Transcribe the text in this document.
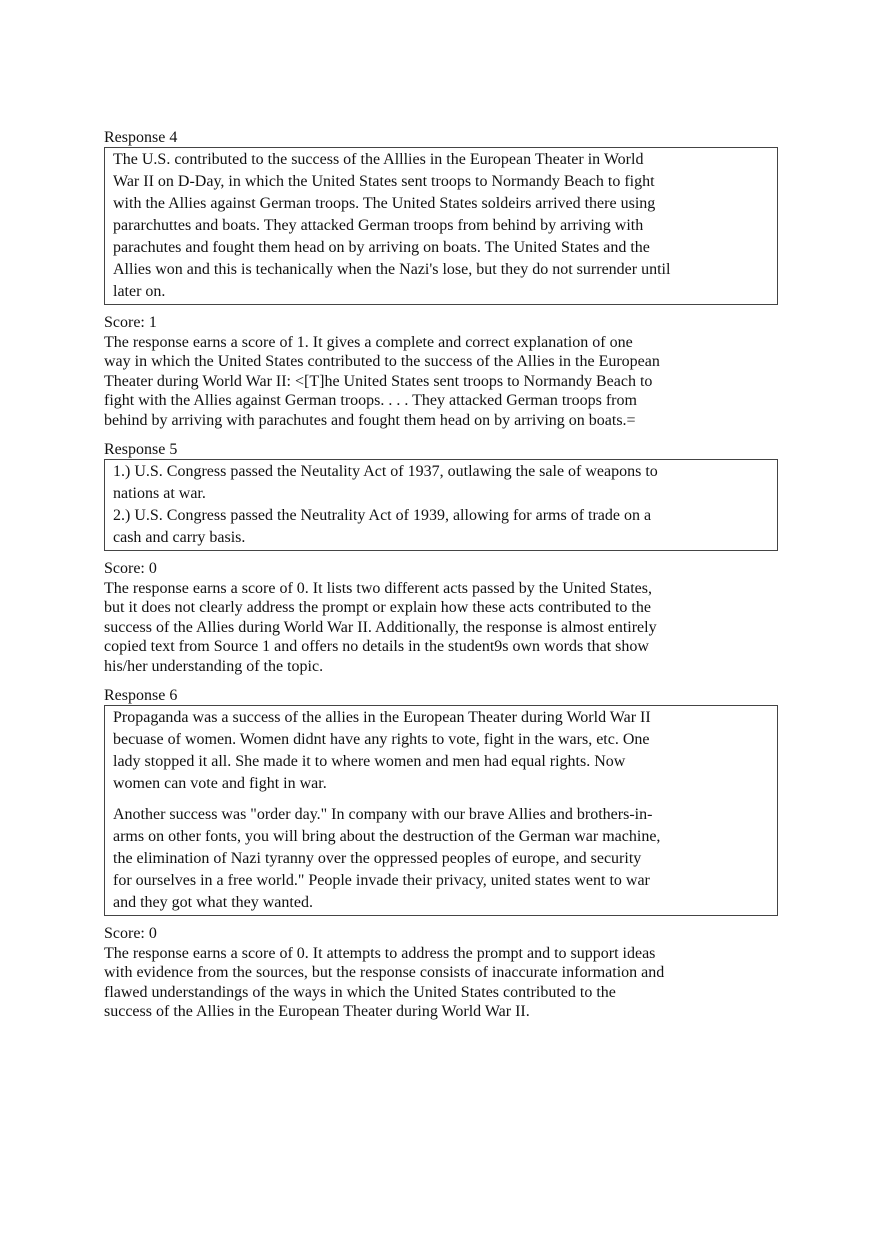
Response 4

The U.S. contributed to the success of the Alllies in the European Theater in World
War II on D-Day, in which the United States sent troops to Normandy Beach to fight
with the Allies against German troops. The United States soldeirs arrived there using
pararchuttes and boats. They attacked German troops from behind by arriving with
parachutes and fought them head on by arriving on boats. The United States and the
Allies won and this is techanically when the Nazi's lose, but they do not surrender until
later on.

Score: 1

The response earns a score of 1. It gives a complete and correct explanation of one
way in which the United States contributed to the success of the Allies in the European
Theater during World War II: <[T]he United States sent troops to Normandy Beach to
fight with the Allies against German troops. . . . They attacked German troops from
behind by arriving with parachutes and fought them head on by arriving on boats.=

Response 5

1.) U.S. Congress passed the Neutality Act of 1937, outlawing the sale of weapons to
nations at war.
2.) U.S. Congress passed the Neutrality Act of 1939, allowing for arms of trade on a
cash and carry basis.

Score: 0

The response earns a score of 0. It lists two different acts passed by the United States,
but it does not clearly address the prompt or explain how these acts contributed to the
success of the Allies during World War II. Additionally, the response is almost entirely
copied text from Source 1 and offers no details in the student9s own words that show
his/her understanding of the topic.

Response 6

Propaganda was a success of the allies in the European Theater during World War II
becuase of women. Women didnt have any rights to vote, fight in the wars, etc. One
lady stopped it all. She made it to where women and men had equal rights. Now
women can vote and fight in war.

Another success was "order day." In company with our brave Allies and brothers-in-
arms on other fonts, you will bring about the destruction of the German war machine,
the elimination of Nazi tyranny over the oppressed peoples of europe, and security
for ourselves in a free world." People invade their privacy, united states went to war
and they got what they wanted.

Score: 0

The response earns a score of 0. It attempts to address the prompt and to support ideas
with evidence from the sources, but the response consists of inaccurate information and
flawed understandings of the ways in which the United States contributed to the
success of the Allies in the European Theater during World War II.
